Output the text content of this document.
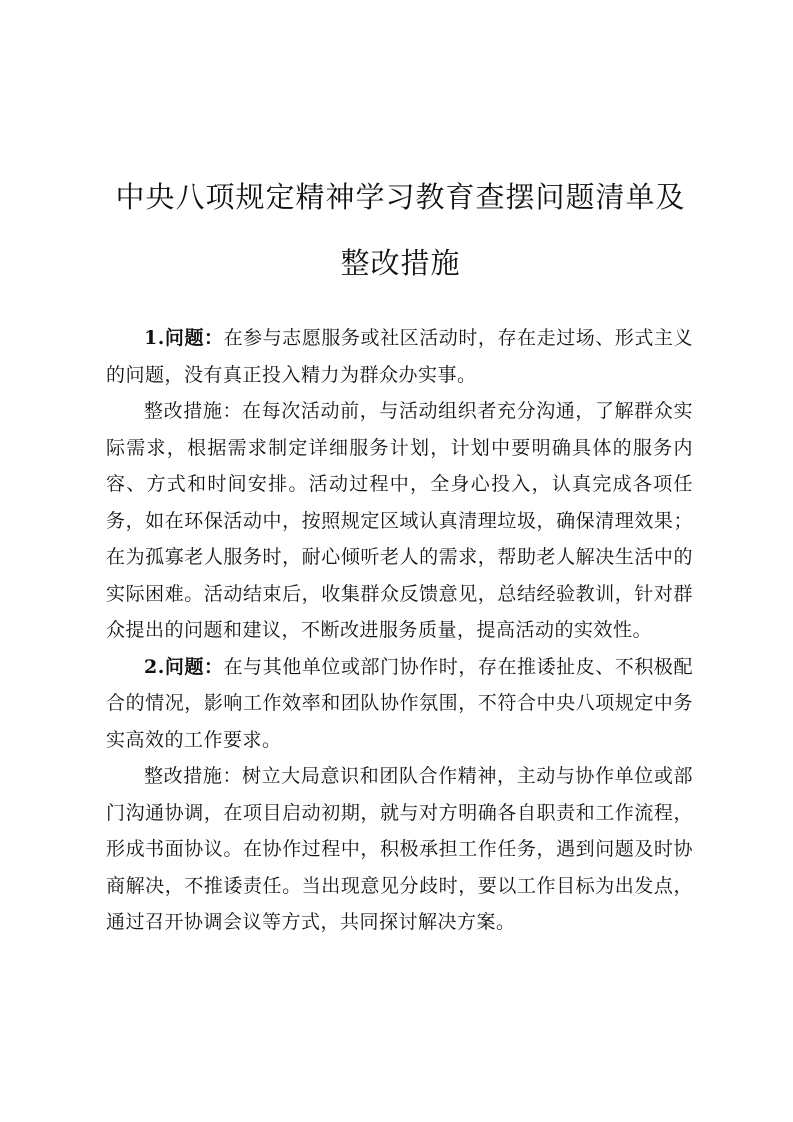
中央八项规定精神学习教育查摆问题清单及整改措施

1.问题：在参与志愿服务或社区活动时，存在走过场、形式主义的问题，没有真正投入精力为群众办实事。

整改措施：在每次活动前，与活动组织者充分沟通，了解群众实际需求，根据需求制定详细服务计划，计划中要明确具体的服务内容、方式和时间安排。活动过程中，全身心投入，认真完成各项任务，如在环保活动中，按照规定区域认真清理垃圾，确保清理效果；在为孤寡老人服务时，耐心倾听老人的需求，帮助老人解决生活中的实际困难。活动结束后，收集群众反馈意见，总结经验教训，针对群众提出的问题和建议，不断改进服务质量，提高活动的实效性。

2.问题：在与其他单位或部门协作时，存在推诿扯皮、不积极配合的情况，影响工作效率和团队协作氛围，不符合中央八项规定中务实高效的工作要求。

整改措施：树立大局意识和团队合作精神，主动与协作单位或部门沟通协调，在项目启动初期，就与对方明确各自职责和工作流程，形成书面协议。在协作过程中，积极承担工作任务，遇到问题及时协商解决，不推诿责任。当出现意见分歧时，要以工作目标为出发点，通过召开协调会议等方式，共同探讨解决方案。
